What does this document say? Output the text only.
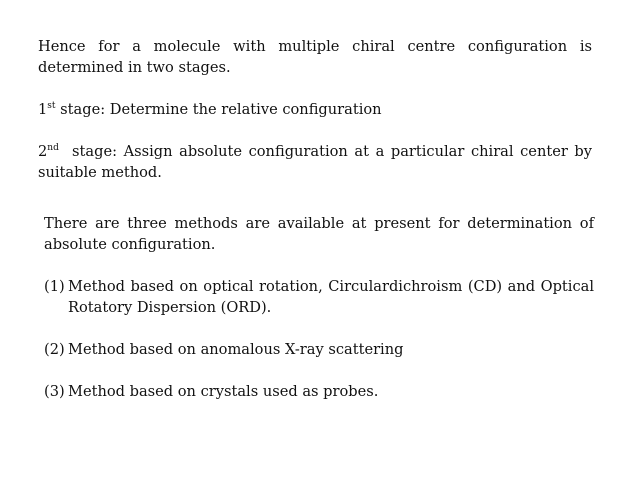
Hence for a molecule with multiple chiral centre configuration is determined in two stages.

1st stage: Determine the relative configuration

2nd  stage: Assign absolute configuration at a particular chiral center by suitable method.

There are three methods are available at present for determination of absolute configuration.

(1) Method based on optical rotation, Circulardichroism (CD) and Optical Rotatory Dispersion (ORD).
(2) Method based on anomalous X-ray scattering
(3) Method based on crystals used as probes.
